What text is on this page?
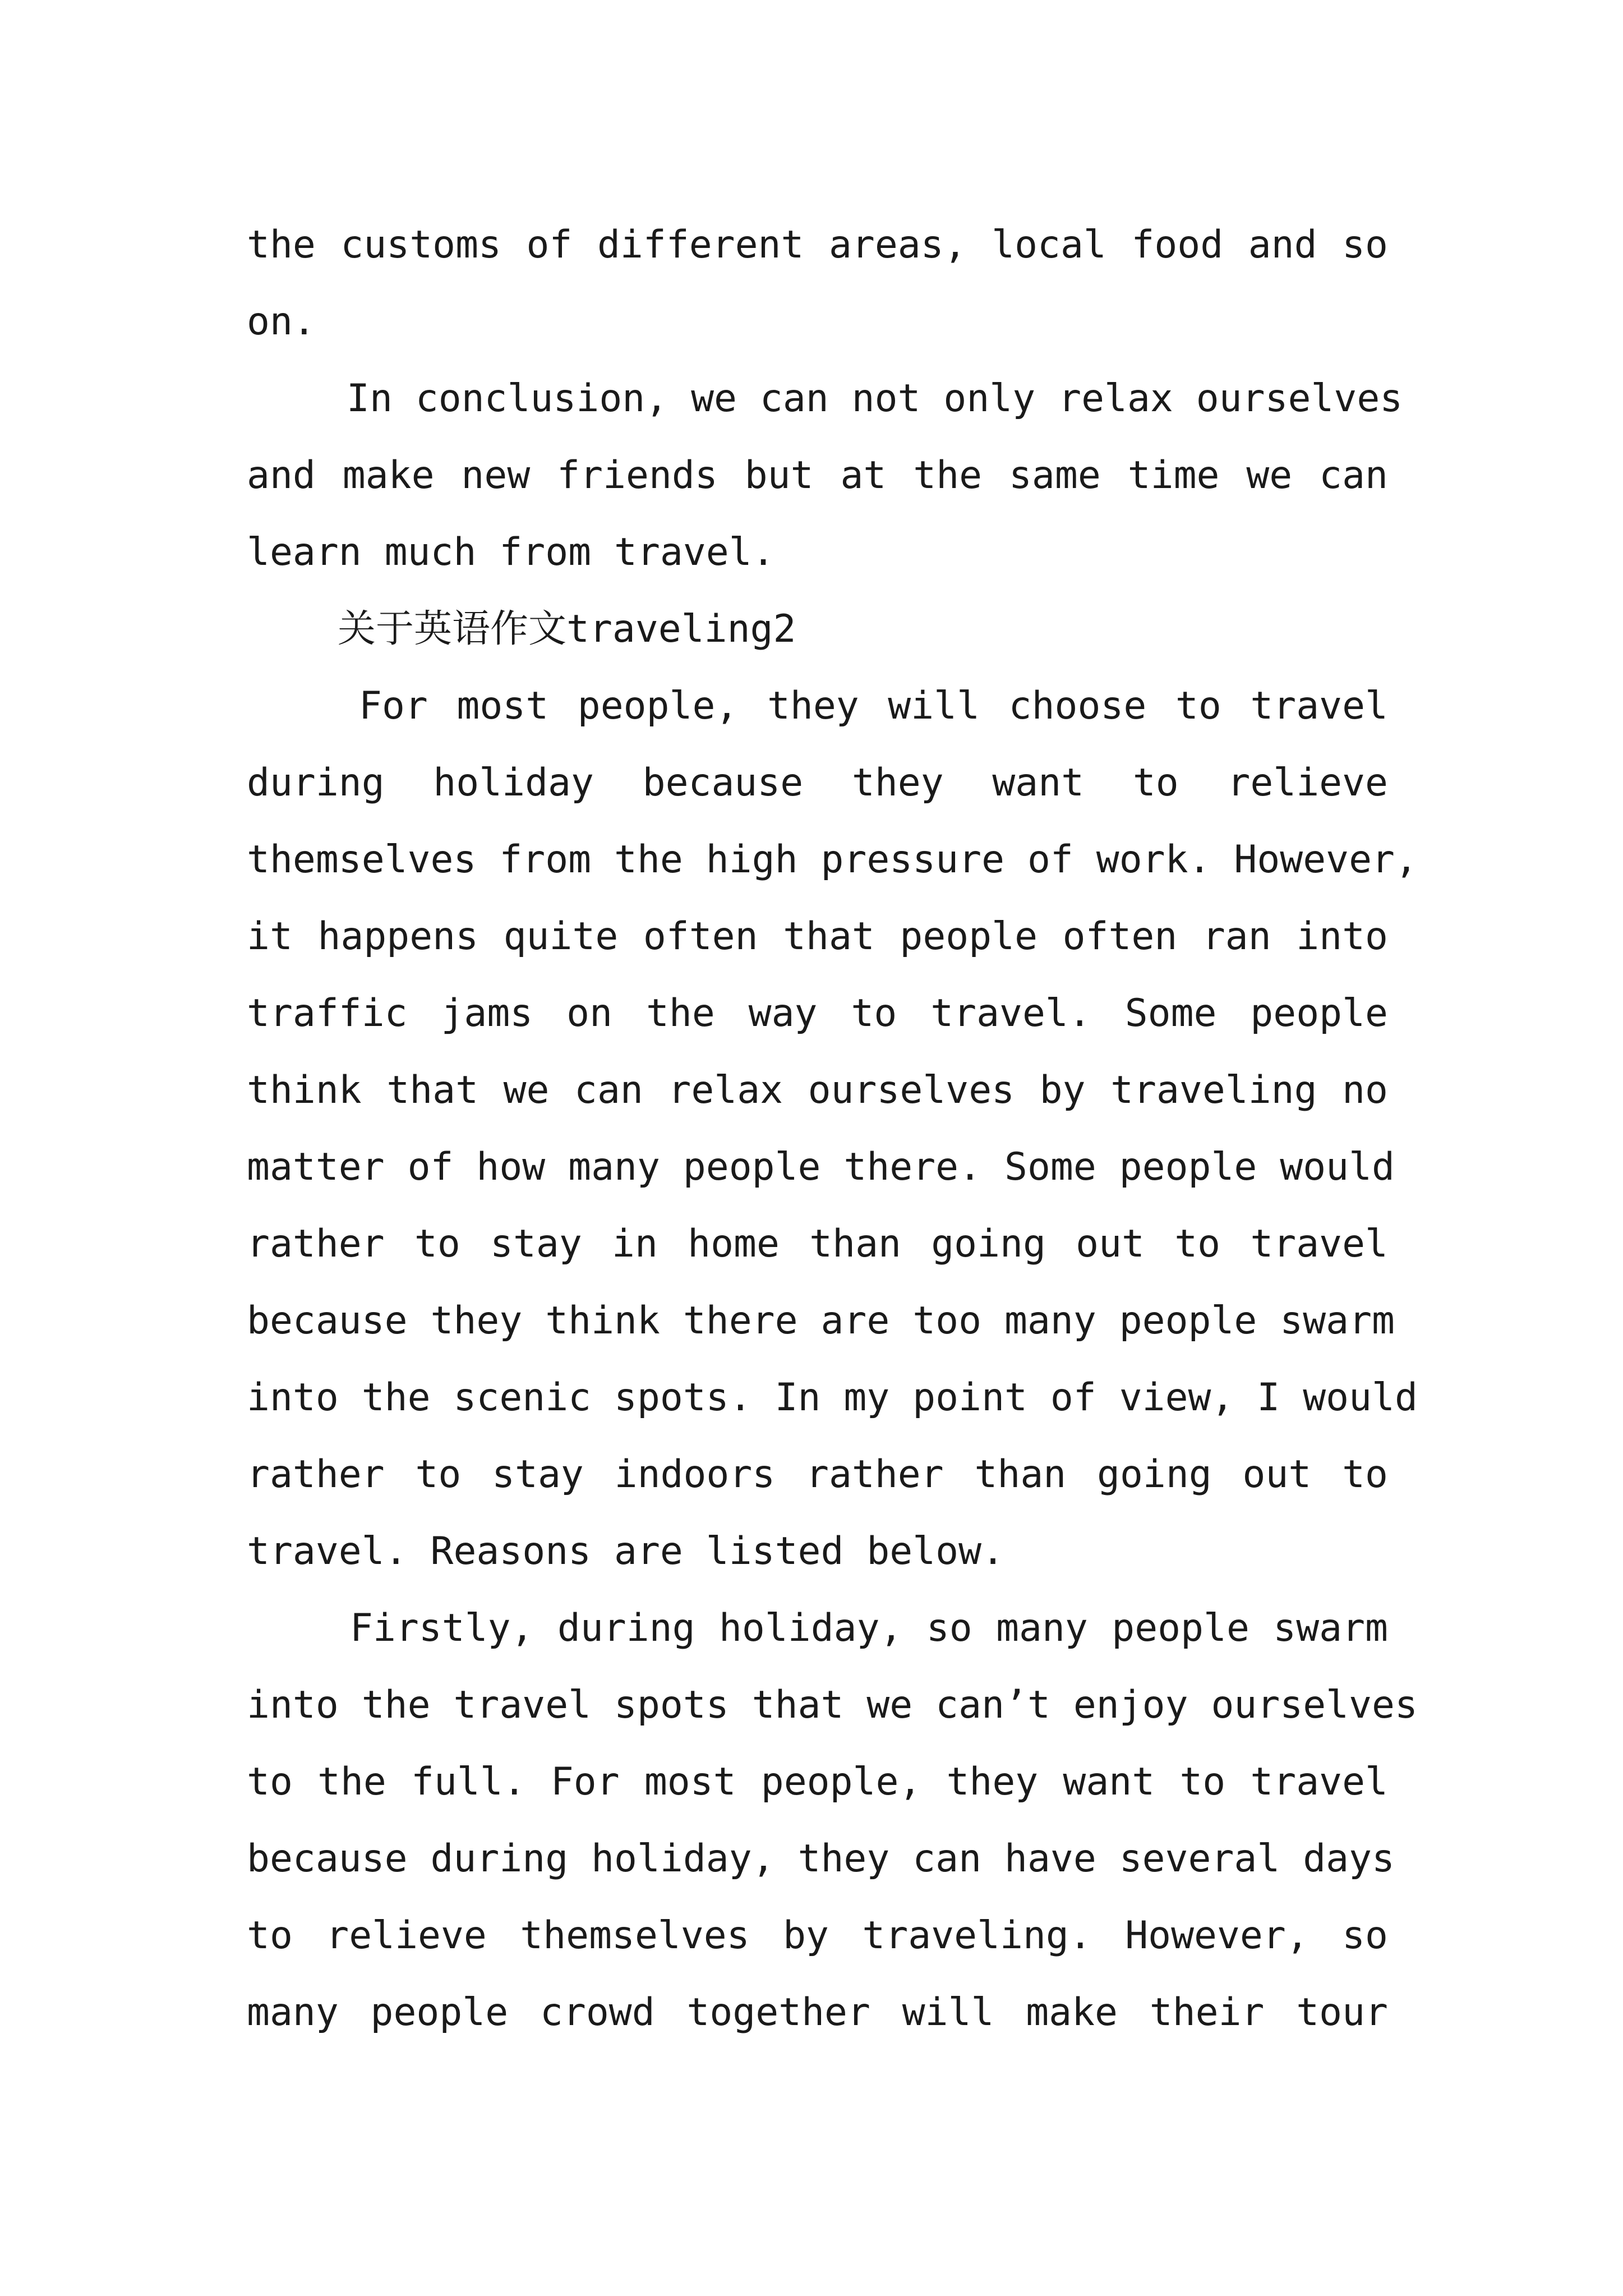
the customs of different areas, local food and so
on.
In conclusion, we can not only relax ourselves
and make new friends but at the same time we can
learn much from travel.
关于英语作文traveling2
For most people, they will choose to travel
during holiday because they want to relieve
themselves from the high pressure of work. However,
it happens quite often that people often ran into
traffic jams on the way to travel. Some people
think that we can relax ourselves by traveling no
matter of how many people there. Some people would
rather to stay in home than going out to travel
because they think there are too many people swarm
into the scenic spots. In my point of view, I would
rather to stay indoors rather than going out to
travel. Reasons are listed below.
Firstly, during holiday, so many people swarm
into the travel spots that we can’t enjoy ourselves
to the full. For most people, they want to travel
because during holiday, they can have several days
to relieve themselves by traveling. However, so
many people crowd together will make their tour
